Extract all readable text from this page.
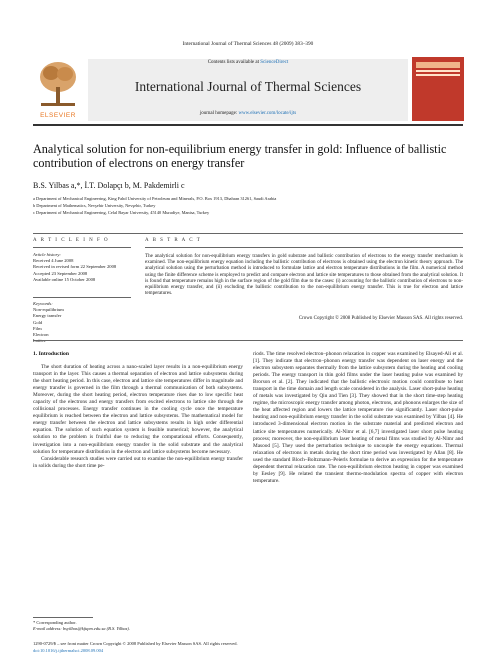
International Journal of Thermal Sciences 48 (2009) 383–390
ELSEVIER
Contents lists available at ScienceDirect
International Journal of Thermal Sciences
journal homepage: www.elsevier.com/locate/ijts
Analytical solution for non-equilibrium energy transfer in gold: Influence of ballistic contribution of electrons on energy transfer
B.S. Yilbas a,*, İ.T. Dolapçı b, M. Pakdemirli c
a Department of Mechanical Engineering, King Fahd University of Petroleum and Minerals, P.O. Box 1913, Dhahran 31261, Saudi Arabia
b Department of Mathematics, Nevşehir University, Nevşehir, Turkey
c Department of Mechanical Engineering, Celal Bayar University, 45140 Muradiye, Manisa, Turkey
A R T I C L E I N F O	A B S T R A C T
Article history:
Received 4 June 2008
Received in revised form 22 September 2008
Accepted 23 September 2008
Available online 15 October 2008
Keywords:
Non-equilibrium
Energy transfer
Gold
Film
Electron
Lattice
The analytical solution for non-equilibrium energy transfers in gold substrate and ballistic contribution of electrons to the energy transfer mechanism is examined. The non-equilibrium energy equation including the ballistic contribution of electrons is obtained using the electron kinetic theory approach. The analytical solution using the perturbation method is introduced to formulate lattice and electron temperature distributions in the film. A numerical method using the finite difference scheme is employed to predict and compare electron and lattice site temperatures to those obtained from the analytical solution. It is found that temperature remains high in the surface region of the gold film due to the cases: (i) accounting for the ballistic contribution of electrons to non-equilibrium energy transfer, and (ii) excluding the ballistic contribution to the non-equilibrium energy transfer. This is true for electron and lattice temperatures.
Crown Copyright © 2008 Published by Elsevier Masson SAS. All rights reserved.
1. Introduction

The short duration of heating across a nano-scaled layer results in a non-equilibrium energy transport in the layer. This causes a thermal separation of electron and lattice subsystems during the short heating period. In this case, electron and lattice site temperatures differ in magnitude and energy transfer is governed in the film through a thermal communication of both subsystems. Moreover, during the short heating period, electron temperature rises due to low specific heat capacity of the electrons and energy transfers from excited electrons to lattice site through the collisional processes. Energy transfer continues in the cooling cycle once the temperature equilibrium is reached between the electron and lattice subsystems. The mathematical model for energy transfer between the electron and lattice subsystems results in high order differential equation. The solution of such equation system is feasible numerical; however, the analytical solution to the problem is fruitful due to reducing the computational efforts. Consequently, investigation into a non-equilibrium energy transfer in the solid substrate and the analytical solution for temperature distribution in the electron and lattice subsystems become necessary.

Considerable research studies were carried out to examine the non-equilibrium energy transfer in solids during the short time pe-

riods. The time resolved electron–phonon relaxation in copper was examined by Elsayed-Ali et al. [1]. They indicate that electron–phonon energy transfer was dependent on laser energy and the electron subsystem separates thermally from the lattice subsystem during the heating and cooling periods. The energy transport in thin gold films under the laser heating pulse was examined by Brorson et al. [2]. They indicated that the ballistic electronic motion could contribute to heat transport in the time domain and length scale considered in the analysis. Laser short-pulse heating of metals was investigated by Qiu and Tien [3]. They showed that in the short time-step heating regime, the microscopic energy transfer among photon, electrons, and phonons enlarges the size of the heat affected region and lowers the lattice temperature rise significantly. Laser short-pulse heating and non-equilibrium energy transfer in the solid substrate was examined by Yilbas [4]. He introduced 3-dimensional electron motion in the substrate material and predicted electron and lattice site temperatures numerically. Al-Nimr et al. [6,7] investigated laser short pulse heating process; moreover, the non-equilibrium laser heating of metal films was studied by Al-Nimr and Masood [5]. They used the perturbation technique to uncouple the energy equations. Thermal relaxation of electrons in metals during the short time period was investigated by Allan [8]. He used the standard Bloch–Boltzmann–Peierls formulae to derive an expression for the temperature dependent thermal relaxation rate. The non-equilibrium electron heating in copper was examined by Eesley [9]. He related the transient thermo-modulation spectra of copper with electron temperature.
* Corresponding author.
E-mail address: bsyilbas@kfupm.edu.sa (B.S. Yilbas).
1290-0729/$ – see front matter Crown Copyright © 2008 Published by Elsevier Masson SAS. All rights reserved.
doi:10.1016/j.ijthermalsci.2008.09.004
